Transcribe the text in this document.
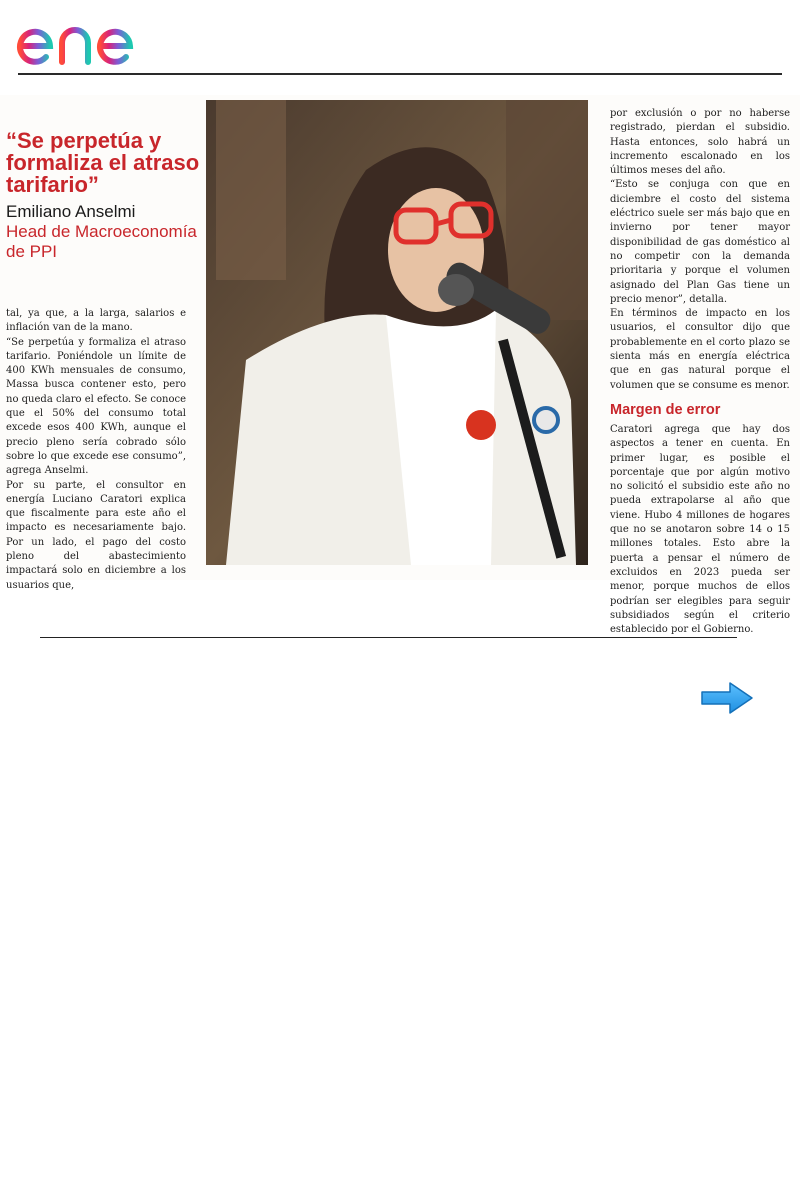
“Se perpetúa y formaliza el atraso tarifario”

Emiliano Anselmi
Head de Macroeconomía de PPI

tal, ya que, a la larga, salarios e inflación van de la mano.

“Se perpetúa y formaliza el atraso tarifario. Poniéndole un límite de 400 KWh mensuales de consumo, Massa busca contener esto, pero no queda claro el efecto. Se conoce que el 50% del consumo total excede esos 400 KWh, aunque el precio pleno sería cobrado sólo sobre lo que excede ese consumo”, agrega Anselmi.

Por su parte, el consultor en energía Luciano Caratori explica que fiscalmente para este año el impacto es necesariamente bajo. Por un lado, el pago del costo pleno del abastecimiento impactará solo en diciembre a los usuarios que,

por exclusión o por no haberse registrado, pierdan el subsidio. Hasta entonces, solo habrá un incremento escalonado en los últimos meses del año.

“Esto se conjuga con que en diciembre el costo del sistema eléctrico suele ser más bajo que en invierno por tener mayor disponibilidad de gas doméstico al no competir con la demanda prioritaria y porque el volumen asignado del Plan Gas tiene un precio menor”, detalla.

En términos de impacto en los usuarios, el consultor dijo que probablemente en el corto plazo se sienta más en energía eléctrica que en gas natural porque el volumen que se consume es menor.

Margen de error

Caratori agrega que hay dos aspectos a tener en cuenta. En primer lugar, es posible el porcentaje que por algún motivo no solicitó el subsidio este año no pueda extrapolarse al año que viene. Hubo 4 millones de hogares que no se anotaron sobre 14 o 15 millones totales. Esto abre la puerta a pensar el número de excluidos en 2023 pueda ser menor, porque muchos de ellos podrían ser elegibles para seguir subsidiados según el criterio establecido por el Gobierno.
